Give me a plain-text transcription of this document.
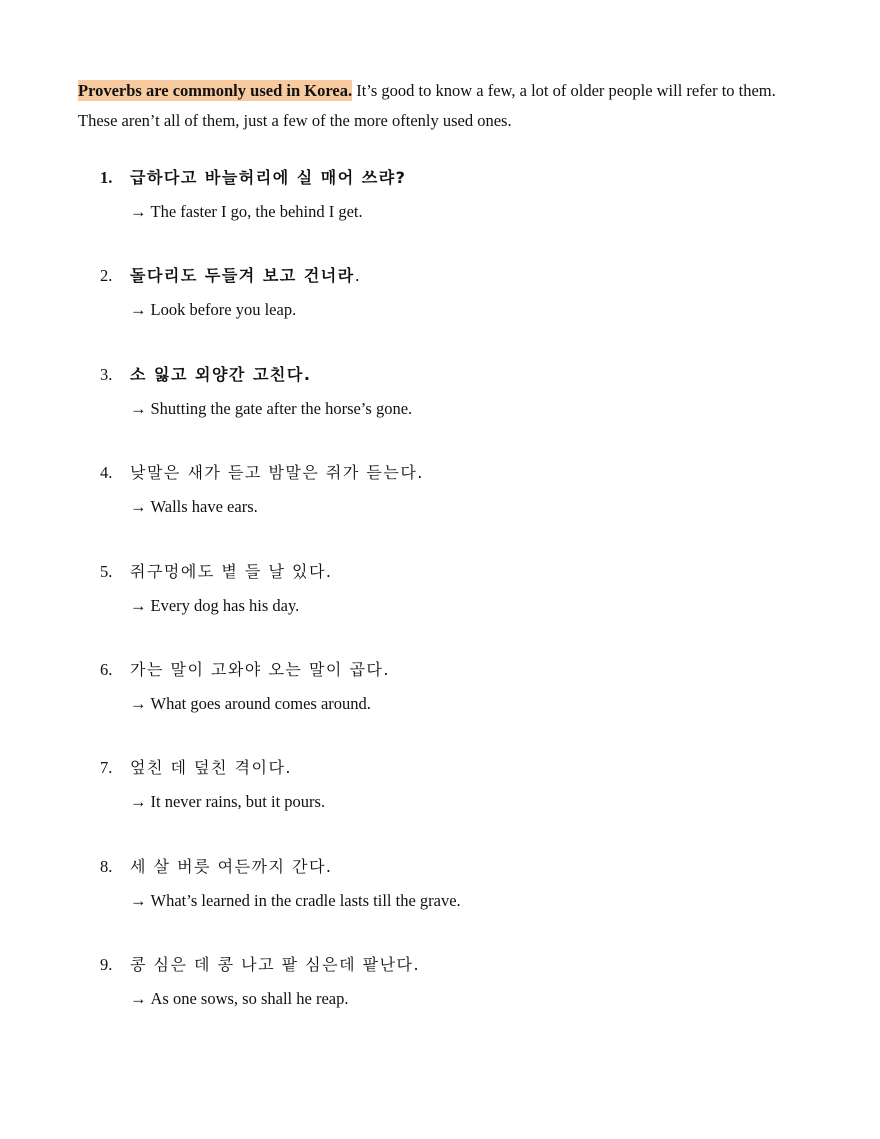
Proverbs are commonly used in Korea. It’s good to know a few, a lot of older people will refer to them. These aren’t all of them, just a few of the more oftenly used ones.

1.	급하다고 바늘허리에 실 매어 쓰랴?
→ The faster I go, the behind I get.
2.	돌다리도 두들겨 보고 건너라.
→ Look before you leap.
3.	소 잃고 외양간 고친다.
→ Shutting the gate after the horse’s gone.
4.	낮말은 새가 듣고 밤말은 쥐가 듣는다.
→ Walls have ears.
5.	쥐구멍에도 볕 들 날 있다.
→ Every dog has his day.
6.	가는 말이 고와야 오는 말이 곱다.
→ What goes around comes around.
7.	엎친 데 덮친 격이다.
→ It never rains, but it pours.
8.	세 살 버릇 여든까지 간다.
→ What’s learned in the cradle lasts till the grave.
9.	콩 심은 데 콩 나고 팥 심은데 팥난다.
→ As one sows, so shall he reap.
